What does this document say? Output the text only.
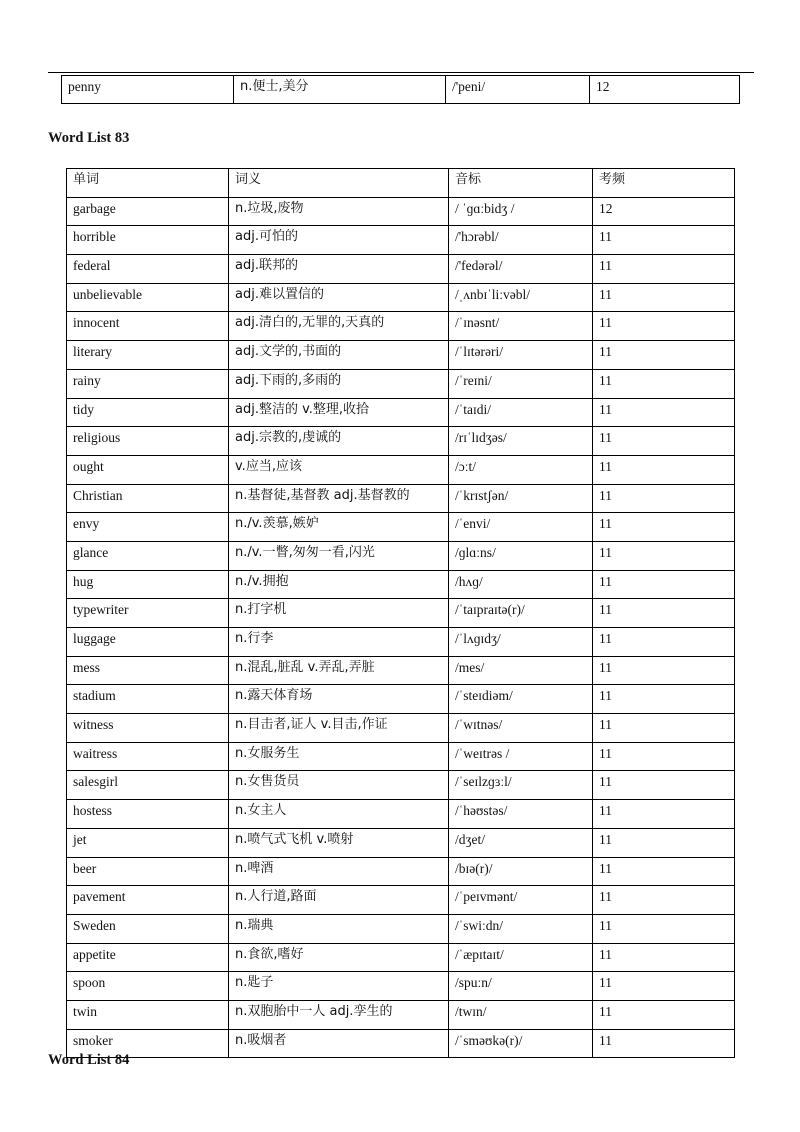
penny	n.便士,美分	/'peni/	12
Word List 83
单词	词义	音标	考频
garbage	n.垃圾,废物	/ ˈɡɑːbidʒ /	12
horrible	adj.可怕的	/'hɔrəbl/	11
federal	adj.联邦的	/'fedərəl/	11
unbelievable	adj.难以置信的	/ˌʌnbɪˈliːvəbl/	11
innocent	adj.清白的,无罪的,天真的	/ˈɪnəsnt/	11
literary	adj.文学的,书面的	/ˈlɪtərəri/	11
rainy	adj.下雨的,多雨的	/ˈreɪni/	11
tidy	adj.整洁的 v.整理,收拾	/ˈtaɪdi/	11
religious	adj.宗教的,虔诚的	/rɪˈlɪdʒəs/	11
ought	v.应当,应该	/ɔːt/	11
Christian	n.基督徒,基督教 adj.基督教的	/ˈkrɪstʃən/	11
envy	n./v.羡慕,嫉妒	/ˈenvi/	11
glance	n./v.一瞥,匆匆一看,闪光	/ɡlɑːns/	11
hug	n./v.拥抱	/hʌɡ/	11
typewriter	n.打字机	/ˈtaɪpraɪtə(r)/	11
luggage	n.行李	/ˈlʌɡɪdʒ/	11
mess	n.混乱,脏乱 v.弄乱,弄脏	/mes/	11
stadium	n.露天体育场	/ˈsteɪdiəm/	11
witness	n.目击者,证人 v.目击,作证	/ˈwɪtnəs/	11
waitress	n.女服务生	/ˈweɪtrəs /	11
salesgirl	n.女售货员	/ˈseɪlzɡɜːl/	11
hostess	n.女主人	/ˈhəʊstəs/	11
jet	n.喷气式飞机 v.喷射	/dʒet/	11
beer	n.啤酒	/bɪə(r)/	11
pavement	n.人行道,路面	/ˈpeɪvmənt/	11
Sweden	n.瑞典	/ˈswiːdn/	11
appetite	n.食欲,嗜好	/ˈæpɪtaɪt/	11
spoon	n.匙子	/spuːn/	11
twin	n.双胞胎中一人 adj.孪生的	/twɪn/	11
smoker	n.吸烟者	/ˈsməʊkə(r)/	11
Word List 84
